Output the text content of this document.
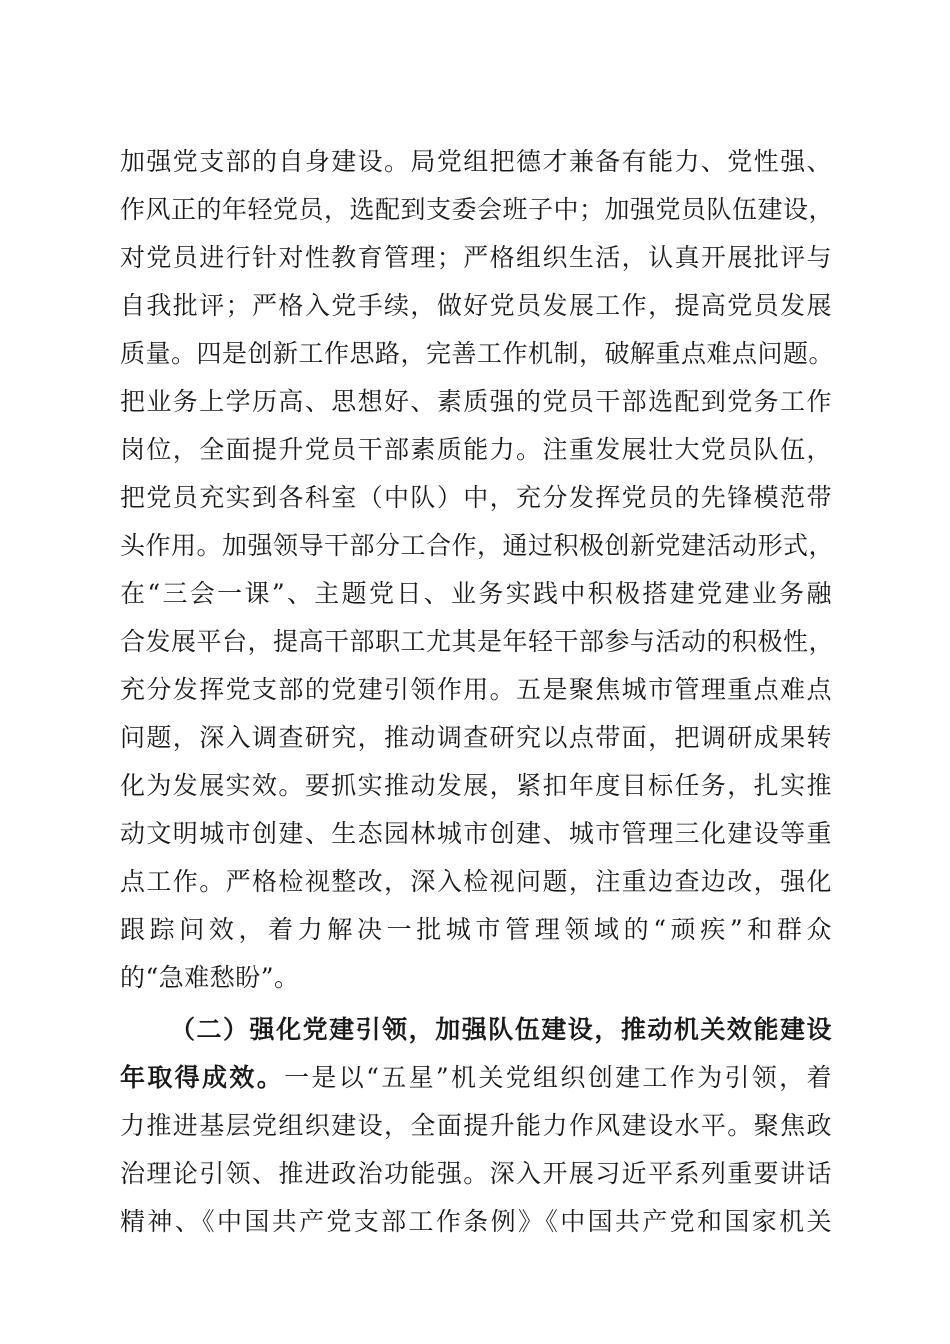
加强党支部的自身建设。局党组把德才兼备有能力、党性强、
作风正的年轻党员，选配到支委会班子中；加强党员队伍建设，
对党员进行针对性教育管理；严格组织生活，认真开展批评与
自我批评；严格入党手续，做好党员发展工作，提高党员发展
质量。四是创新工作思路，完善工作机制，破解重点难点问题。
把业务上学历高、思想好、素质强的党员干部选配到党务工作
岗位，全面提升党员干部素质能力。注重发展壮大党员队伍，
把党员充实到各科室（中队）中，充分发挥党员的先锋模范带
头作用。加强领导干部分工合作，通过积极创新党建活动形式，
在“三会一课”、主题党日、业务实践中积极搭建党建业务融
合发展平台，提高干部职工尤其是年轻干部参与活动的积极性，
充分发挥党支部的党建引领作用。五是聚焦城市管理重点难点
问题，深入调查研究，推动调查研究以点带面，把调研成果转
化为发展实效。要抓实推动发展，紧扣年度目标任务，扎实推
动文明城市创建、生态园林城市创建、城市管理三化建设等重
点工作。严格检视整改，深入检视问题，注重边查边改，强化
跟踪问效，着力解决一批城市管理领域的“顽疾”和群众
的“急难愁盼”。
（二）强化党建引领，加强队伍建设，推动机关效能建设
年取得成效。一是以“五星”机关党组织创建工作为引领，着
力推进基层党组织建设，全面提升能力作风建设水平。聚焦政
治理论引领、推进政治功能强。深入开展习近平系列重要讲话
精神、《中国共产党支部工作条例》《中国共产党和国家机关
